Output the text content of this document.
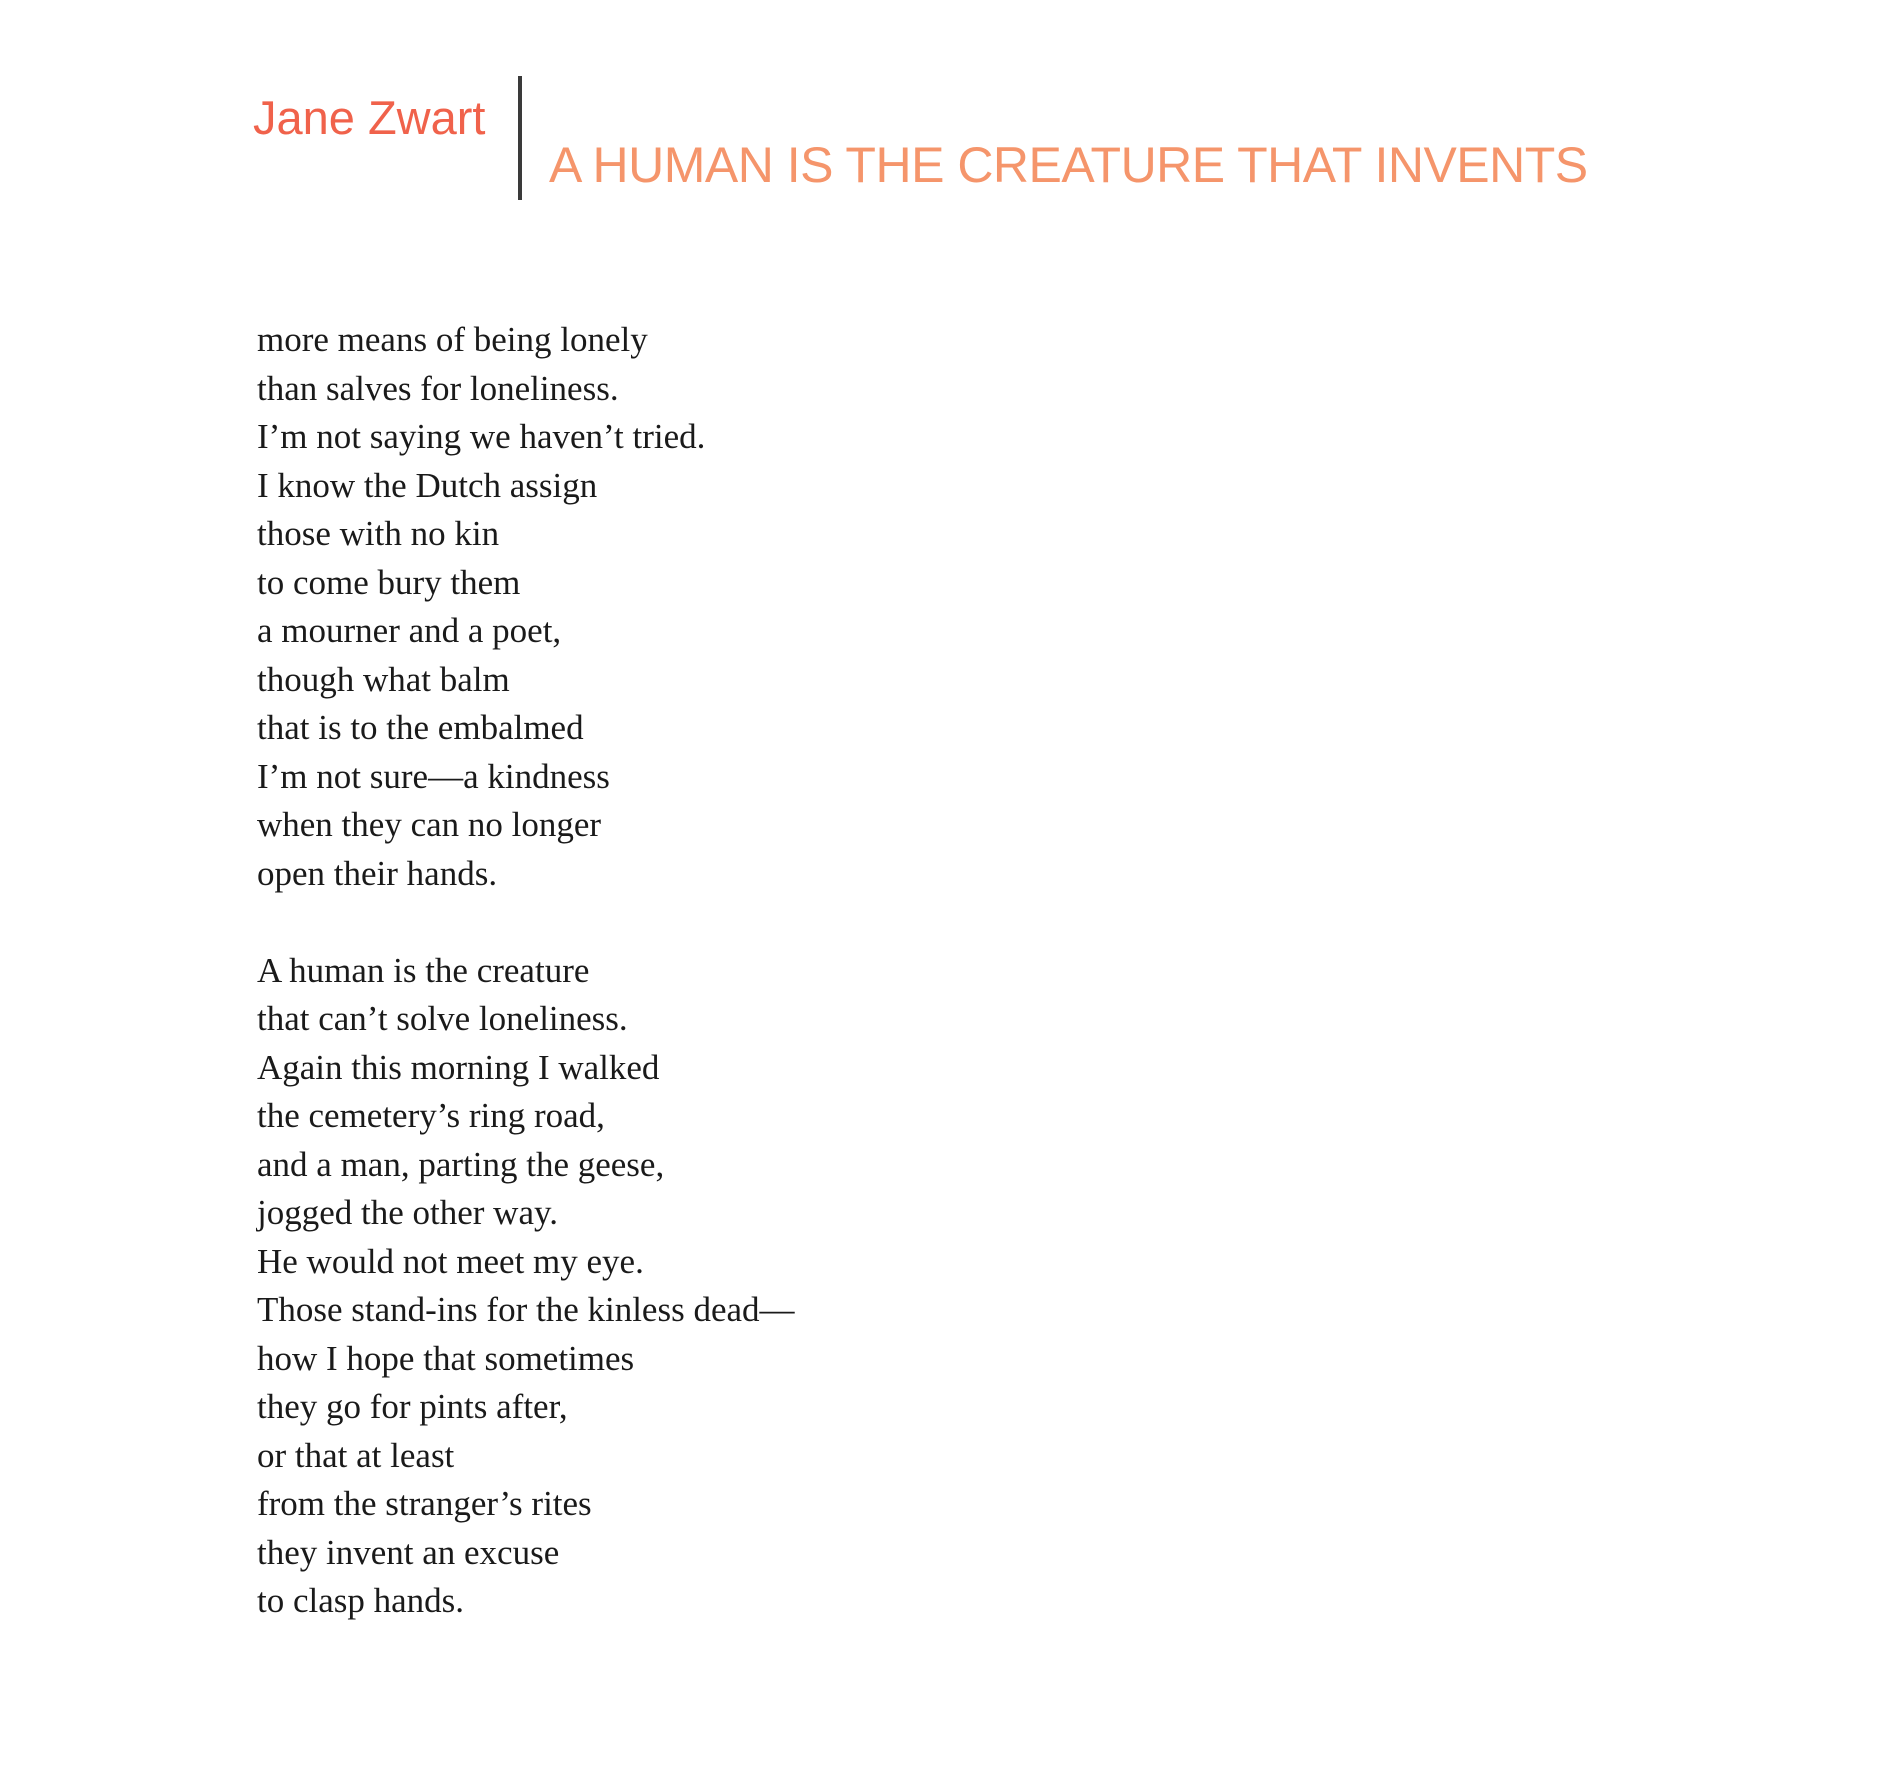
Jane Zwart
A HUMAN IS THE CREATURE THAT INVENTS
more means of being lonely
than salves for loneliness.
I’m not saying we haven’t tried.
I know the Dutch assign
those with no kin
to come bury them
a mourner and a poet,
though what balm
that is to the embalmed
I’m not sure—a kindness
when they can no longer
open their hands.
A human is the creature
that can’t solve loneliness.
Again this morning I walked
the cemetery’s ring road,
and a man, parting the geese,
jogged the other way.
He would not meet my eye.
Those stand-ins for the kinless dead—
how I hope that sometimes
they go for pints after,
or that at least
from the stranger’s rites
they invent an excuse
to clasp hands.
